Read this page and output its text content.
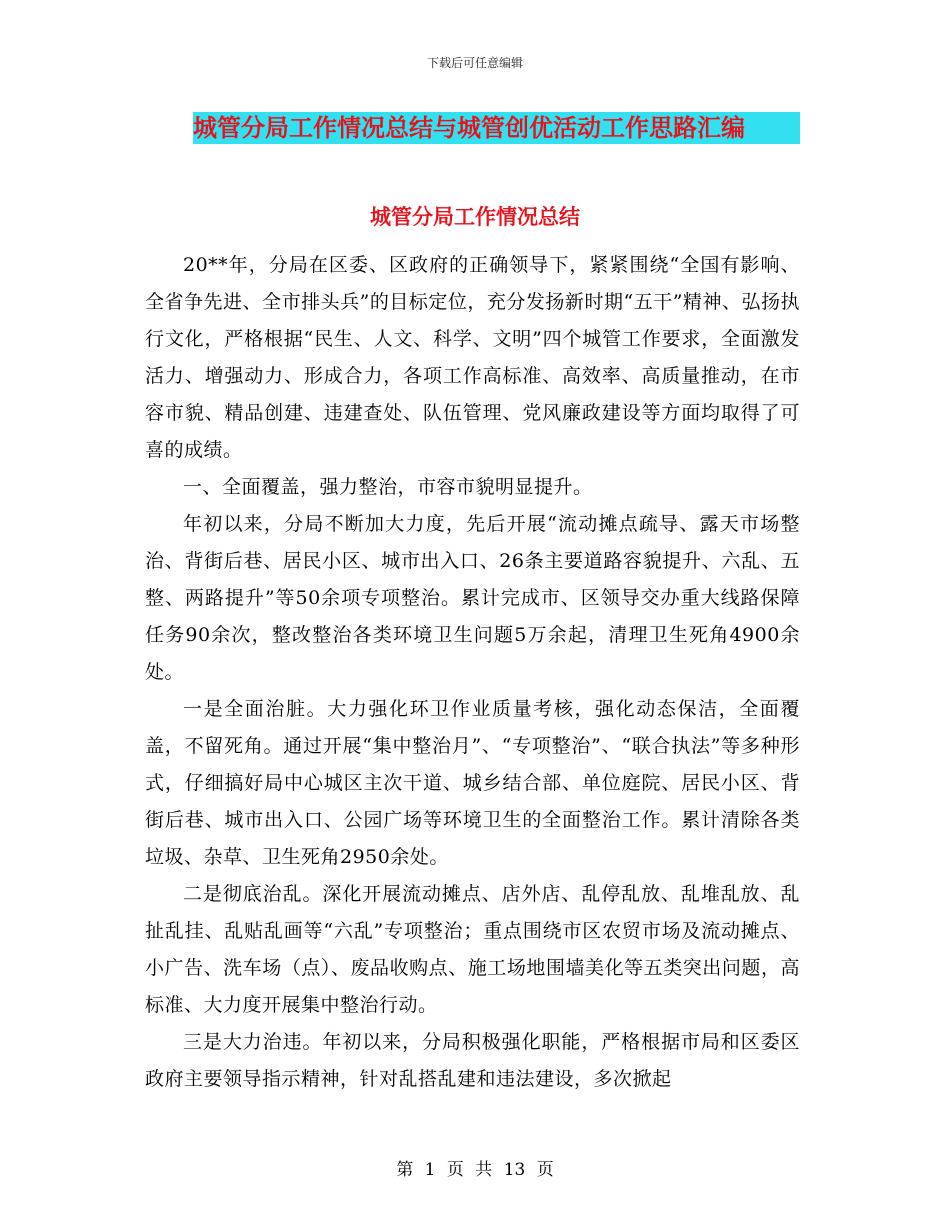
下载后可任意编辑
城管分局工作情况总结与城管创优活动工作思路汇编
城管分局工作情况总结

20**年，分局在区委、区政府的正确领导下，紧紧围绕“全国有影响、全省争先进、全市排头兵”的目标定位，充分发扬新时期“五干”精神、弘扬执行文化，严格根据“民生、人文、科学、文明”四个城管工作要求，全面激发活力、增强动力、形成合力，各项工作高标准、高效率、高质量推动，在市容市貌、精品创建、违建查处、队伍管理、党风廉政建设等方面均取得了可喜的成绩。

一、全面覆盖，强力整治，市容市貌明显提升。

年初以来，分局不断加大力度，先后开展“流动摊点疏导、露天市场整治、背街后巷、居民小区、城市出入口、26条主要道路容貌提升、六乱、五整、两路提升”等50余项专项整治。累计完成市、区领导交办重大线路保障任务90余次，整改整治各类环境卫生问题5万余起，清理卫生死角4900余处。

一是全面治脏。大力强化环卫作业质量考核，强化动态保洁，全面覆盖，不留死角。通过开展“集中整治月”、“专项整治”、“联合执法”等多种形式，仔细搞好局中心城区主次干道、城乡结合部、单位庭院、居民小区、背街后巷、城市出入口、公园广场等环境卫生的全面整治工作。累计清除各类垃圾、杂草、卫生死角2950余处。

二是彻底治乱。深化开展流动摊点、店外店、乱停乱放、乱堆乱放、乱扯乱挂、乱贴乱画等“六乱”专项整治；重点围绕市区农贸市场及流动摊点、小广告、洗车场（点）、废品收购点、施工场地围墙美化等五类突出问题，高标准、大力度开展集中整治行动。

三是大力治违。年初以来，分局积极强化职能，严格根据市局和区委区政府主要领导指示精神，针对乱搭乱建和违法建设，多次掀起

第 1 页 共 13 页
